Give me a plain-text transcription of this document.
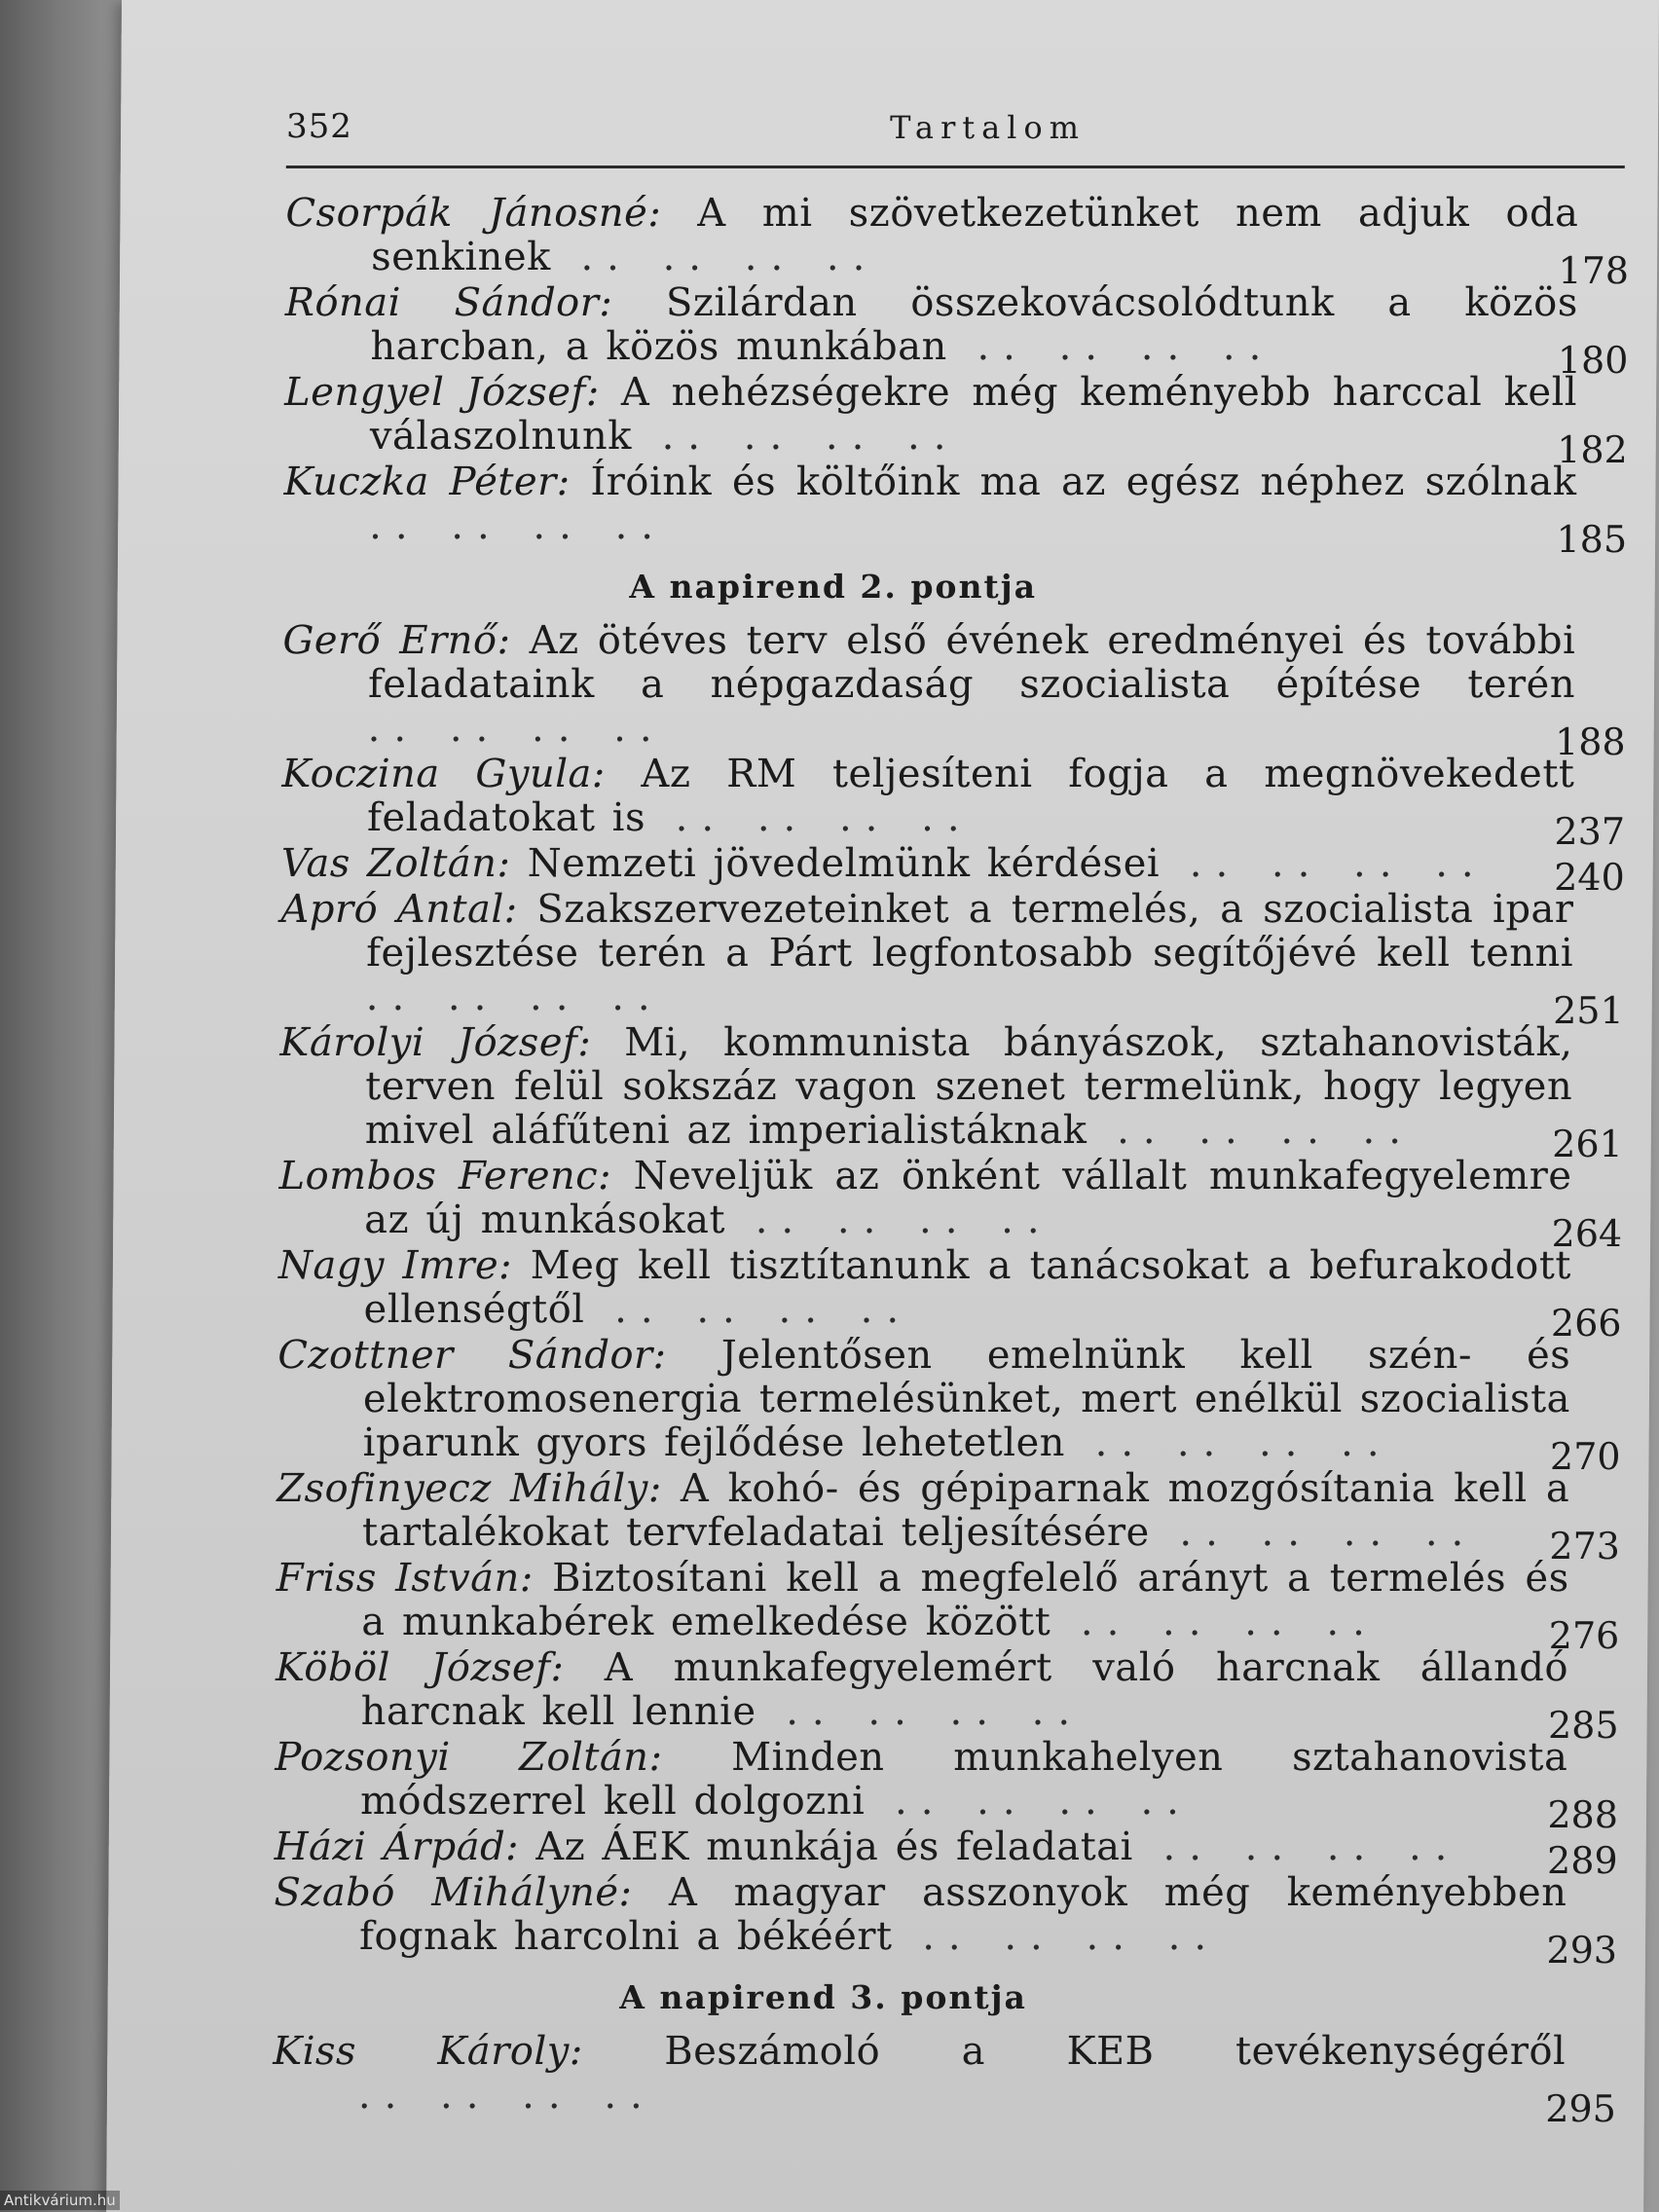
352	Tartalom
Csorpák Jánosné: A mi szövetkezetünket nem adjuk oda senkinek .. .. .. ..	178
Rónai Sándor: Szilárdan összekovácsolódtunk a közös harcban, a közös munkában .. .. .. ..	180
Lengyel József: A nehézségekre még keményebb harccal kell válaszolnunk .. .. .. ..	182
Kuczka Péter: Íróink és költőink ma az egész néphez szólnak .. .. .. ..	185
A napirend 2. pontja
Gerő Ernő: Az ötéves terv első évének eredményei és további feladataink a népgazdaság szocialista építése terén .. .. .. ..	188
Koczina Gyula: Az RM teljesíteni fogja a megnövekedett feladatokat is .. .. .. ..	237
Vas Zoltán: Nemzeti jövedelmünk kérdései .. .. .. ..	240
Apró Antal: Szakszervezeteinket a termelés, a szocialista ipar fejlesztése terén a Párt legfontosabb segítőjévé kell tenni .. .. .. ..	251
Károlyi József: Mi, kommunista bányászok, sztahanovisták, terven felül sokszáz vagon szenet termelünk, hogy legyen mivel aláfűteni az imperialistáknak .. .. .. ..	261
Lombos Ferenc: Neveljük az önként vállalt munkafegyelemre az új munkásokat .. .. .. ..	264
Nagy Imre: Meg kell tisztítanunk a tanácsokat a befurakodott ellenségtől .. .. .. ..	266
Czottner Sándor: Jelentősen emelnünk kell szén- és elektromosenergia termelésünket, mert enélkül szocialista iparunk gyors fejlődése lehetetlen .. .. .. ..	270
Zsofinyecz Mihály: A kohó- és gépiparnak mozgósítania kell a tartalékokat tervfeladatai teljesítésére .. .. .. ..	273
Friss István: Biztosítani kell a megfelelő arányt a termelés és a munkabérek emelkedése között .. .. .. ..	276
Köböl József: A munkafegyelemért való harcnak állandó harcnak kell lennie .. .. .. ..	285
Pozsonyi Zoltán: Minden munkahelyen sztahanovista módszerrel kell dolgozni .. .. .. ..	288
Házi Árpád: Az ÁEK munkája és feladatai .. .. .. ..	289
Szabó Mihályné: A magyar asszonyok még keményebben fognak harcolni a békéért .. .. .. ..	293
A napirend 3. pontja
Kiss Károly: Beszámoló a KEB tevékenységéről .. .. .. ..	295
Antikvárium.hu
